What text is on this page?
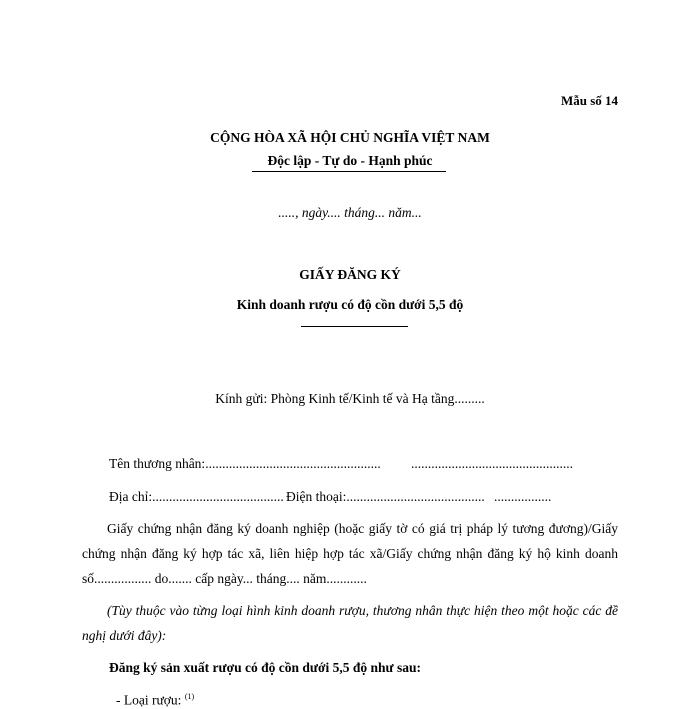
Mẫu số 14
CỘNG HÒA XÃ HỘI CHỦ NGHĨA VIỆT NAM
Độc lập - Tự do - Hạnh phúc
....., ngày.... tháng... năm...
GIẤY ĐĂNG KÝ
Kinh doanh rượu có độ cồn dưới 5,5 độ
Kính gửi: Phòng Kinh tế/Kinh tế và Hạ tầng.........
Tên thương nhân:.................................................... ................................................
Địa chỉ:....................................... Điện thoại:......................................... .................
Giấy chứng nhận đăng ký doanh nghiệp (hoặc giấy tờ có giá trị pháp lý tương đương)/Giấy chứng nhận đăng ký hợp tác xã, liên hiệp hợp tác xã/Giấy chứng nhận đăng ký hộ kinh doanh số................. do....... cấp ngày... tháng.... năm............
(Tùy thuộc vào từng loại hình kinh doanh rượu, thương nhân thực hiện theo một hoặc các đề nghị dưới đây):
Đăng ký sản xuất rượu có độ cồn dưới 5,5 độ như sau:
- Loại rượu: $^{(1)}$
